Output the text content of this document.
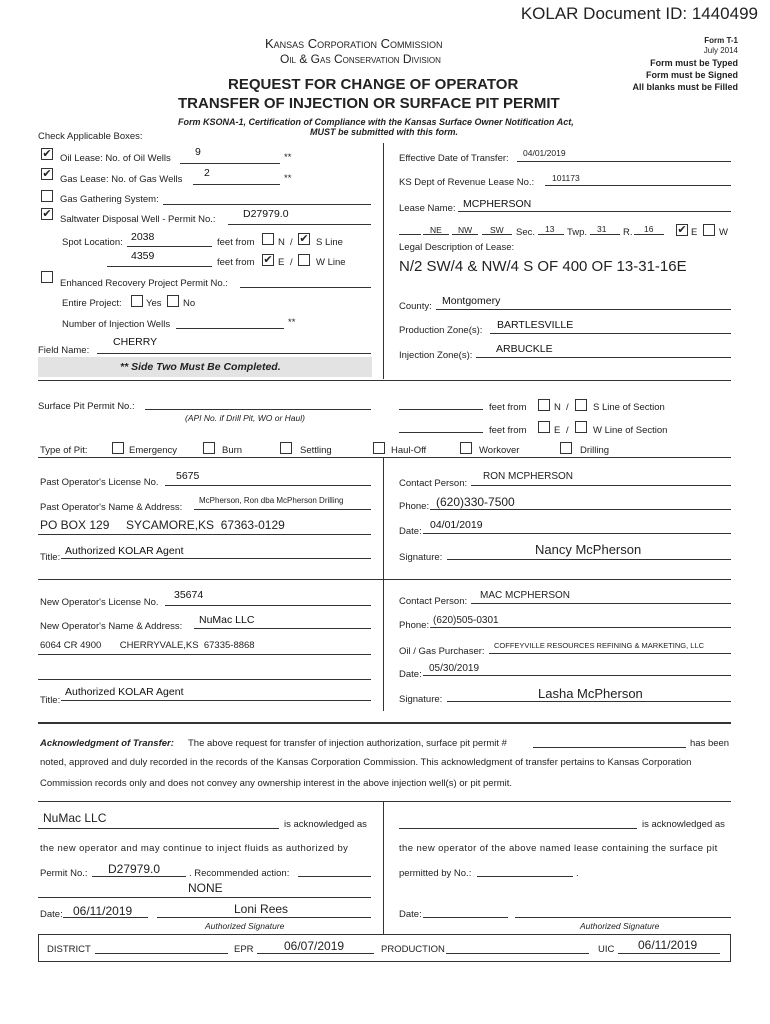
KOLAR Document ID: 1440499
Kansas Corporation Commission
Oil & Gas Conservation Division
REQUEST FOR CHANGE OF OPERATOR
TRANSFER OF INJECTION OR SURFACE PIT PERMIT
Form T-1
July 2014
Form must be Typed
Form must be Signed
All blanks must be Filled
Form KSONA-1, Certification of Compliance with the Kansas Surface Owner Notification Act,
MUST be submitted with this form.
Check Applicable Boxes:
✔ Oil Lease: No. of Oil Wells
9	**
✔ Gas Lease: No. of Gas Wells
2	**
Gas Gathering System:
✔ Saltwater Disposal Well - Permit No.:	D27979.0
Spot Location: 2038	feet from N / ✔ S Line
4359
feet from ✔ E / W Line
Enhanced Recovery Project Permit No.:
Entire Project:	Yes No
Number of Injection Wells	**
Field Name:
CHERRY
** Side Two Must Be Completed.
Effective Date of Transfer: 04/01/2019
KS Dept of Revenue Lease No.: 101173
Lease Name: MCPHERSON
NE NW SW Sec. 13 Twp. 31 R. 16 ✔ E W
Legal Description of Lease:
N/2 SW/4 & NW/4 S OF 400 OF 13-31-16E
County: Montgomery
Production Zone(s): BARTLESVILLE
Injection Zone(s):
ARBUCKLE
Surface Pit Permit No.:
(API No. if Drill Pit, WO or Haul)
feet from	N /	S Line of Section
feet from	E /	W Line of Section
Type of Pit:	Emergency	Burn	Settling	Haul-Off	Workover	Drilling
Past Operator's License No.
5675
Past Operator's Name & Address:
McPherson, Ron dba McPherson Drilling
PO BOX 129     SYCAMORE,KS  67363-0129
Title:
Authorized KOLAR Agent
Contact Person:
RON MCPHERSON
Phone: (620)330-7500
Date:
04/01/2019
Signature:
Nancy McPherson
New Operator's License No.
35674
New Operator's Name & Address:
NuMac LLC
6064 CR 4900       CHERRYVALE,KS  67335-8868
Title:
Authorized KOLAR Agent
Contact Person:
MAC MCPHERSON
Phone: (620)505-0301
Oil / Gas Purchaser:
COFFEYVILLE RESOURCES REFINING & MARKETING, LLC
Date:
05/30/2019
Signature:	Lasha McPherson
Acknowledgment of Transfer: The above request for transfer of injection authorization, surface pit permit #	has been
noted, approved and duly recorded in the records of the Kansas Corporation Commission. This acknowledgment of transfer pertains to Kansas Corporation
Commission records only and does not convey any ownership interest in the above injection well(s) or pit permit.
NuMac LLC	is acknowledged as
the new operator and may continue to inject fluids as authorized by
is acknowledged as
the new operator of the above named lease containing the surface pit
Permit No.: D27979.0	. Recommended action:
NONE
permitted by No.:	.
Date: 06/11/2019	Loni Rees
Authorized Signature
Date:
Authorized Signature
DISTRICT	EPR	06/07/2019	PRODUCTION	UIC 06/11/2019
